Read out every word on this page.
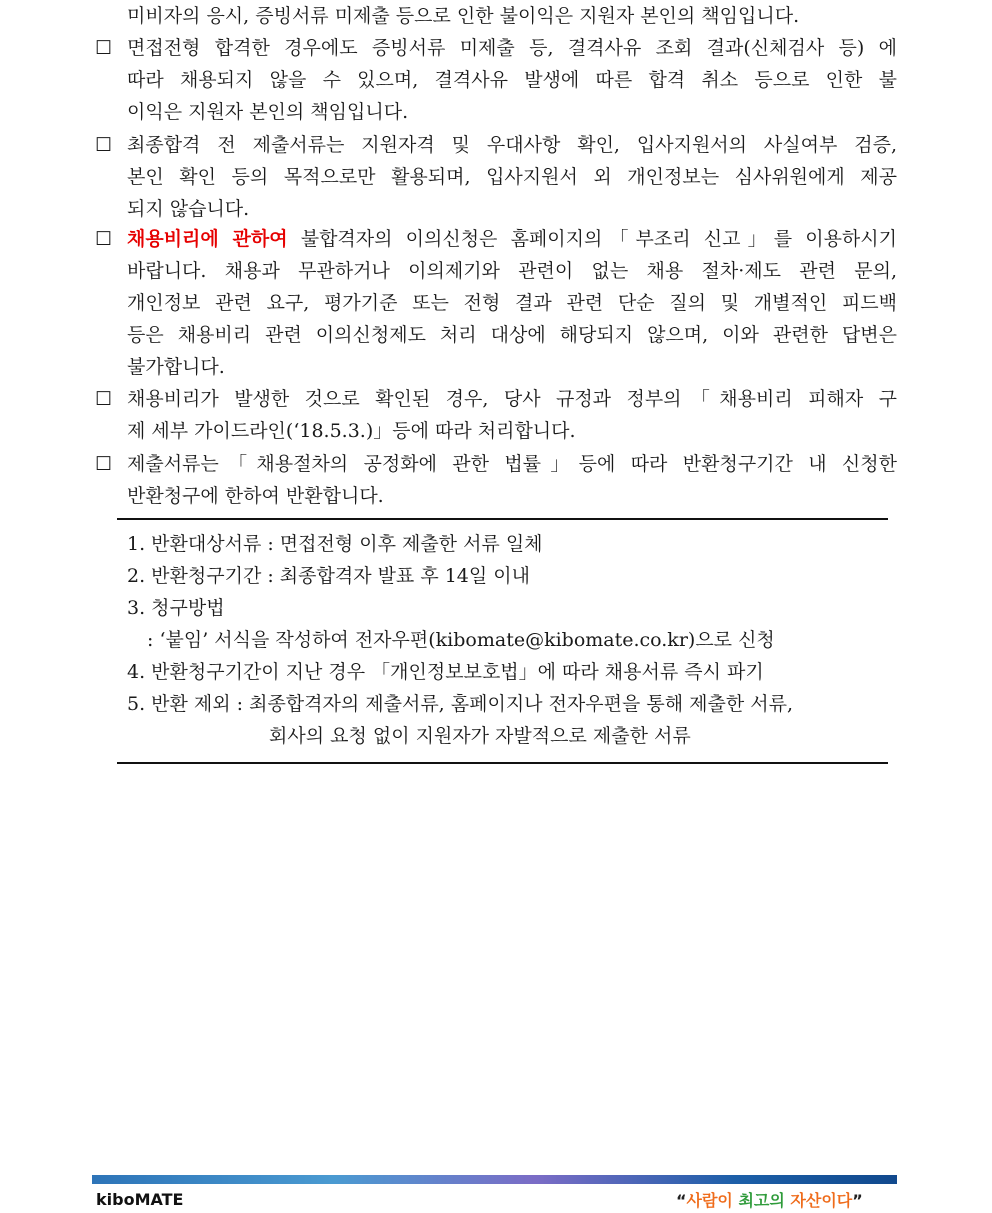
미비자의 응시, 증빙서류 미제출 등으로 인한 불이익은 지원자 본인의 책임입니다.
☐ 면접전형 합격한 경우에도 증빙서류 미제출 등, 결격사유 조회 결과(신체검사 등) 에
따라 채용되지 않을 수 있으며, 결격사유 발생에 따른 합격 취소 등으로 인한 불
이익은 지원자 본인의 책임입니다.
☐ 최종합격 전 제출서류는 지원자격 및 우대사항 확인, 입사지원서의 사실여부 검증,
본인 확인 등의 목적으로만 활용되며, 입사지원서 외 개인정보는 심사위원에게 제공
되지 않습니다.
☐ 채용비리에 관하여 불합격자의 이의신청은 홈페이지의「부조리 신고」를 이용하시기
바랍니다. 채용과 무관하거나 이의제기와 관련이 없는 채용 절차·제도 관련 문의,
개인정보 관련 요구, 평가기준 또는 전형 결과 관련 단순 질의 및 개별적인 피드백
등은 채용비리 관련 이의신청제도 처리 대상에 해당되지 않으며, 이와 관련한 답변은
불가합니다.
☐ 채용비리가 발생한 것으로 확인된 경우, 당사 규정과 정부의「채용비리 피해자 구
제 세부 가이드라인(‘18.5.3.)」등에 따라 처리합니다.
☐ 제출서류는「채용절차의 공정화에 관한 법률」등에 따라 반환청구기간 내 신청한
반환청구에 한하여 반환합니다.
1. 반환대상서류 : 면접전형 이후 제출한 서류 일체
2. 반환청구기간 : 최종합격자 발표 후 14일 이내
3. 청구방법
: ‘붙임’ 서식을 작성하여 전자우편(kibomate@kibomate.co.kr)으로 신청
4. 반환청구기간이 지난 경우 「개인정보보호법」에 따라 채용서류 즉시 파기
5. 반환 제외 : 최종합격자의 제출서류, 홈페이지나 전자우편을 통해 제출한 서류,
회사의 요청 없이 지원자가 자발적으로 제출한 서류
kiboMATE	“사람이 최고의 자산이다”
